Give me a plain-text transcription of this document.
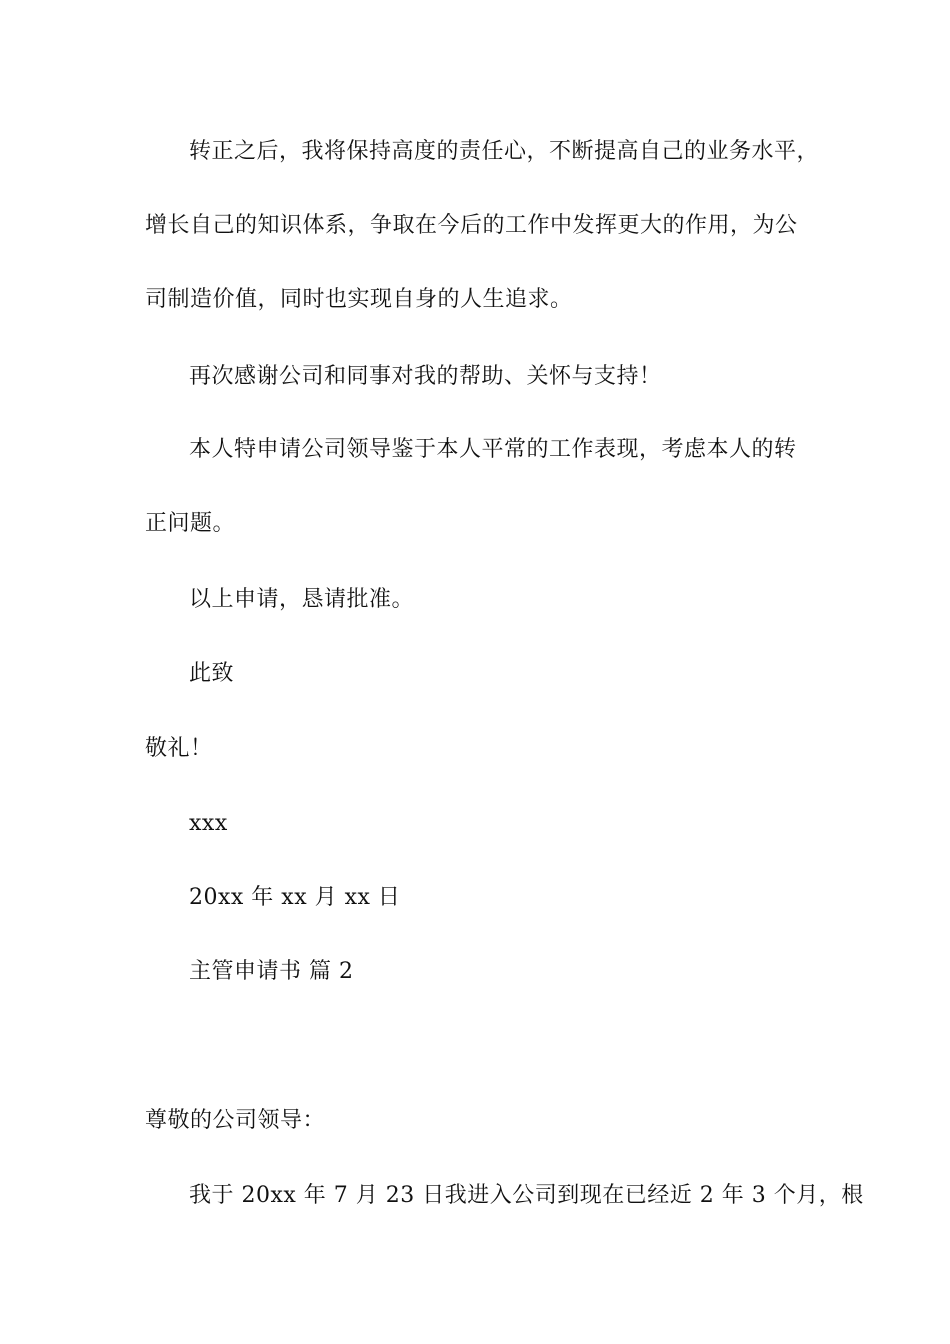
转正之后，我将保持高度的责任心，不断提高自己的业务水平，

增长自己的知识体系，争取在今后的工作中发挥更大的作用，为公

司制造价值，同时也实现自身的人生追求。

再次感谢公司和同事对我的帮助、关怀与支持！

本人特申请公司领导鉴于本人平常的工作表现，考虑本人的转

正问题。

以上申请，恳请批准。

此致

敬礼！

xxx

20xx 年 xx 月 xx 日

主管申请书 篇 2

尊敬的公司领导：

我于 20xx 年 7 月 23 日我进入公司到现在已经近 2 年 3 个月，根
